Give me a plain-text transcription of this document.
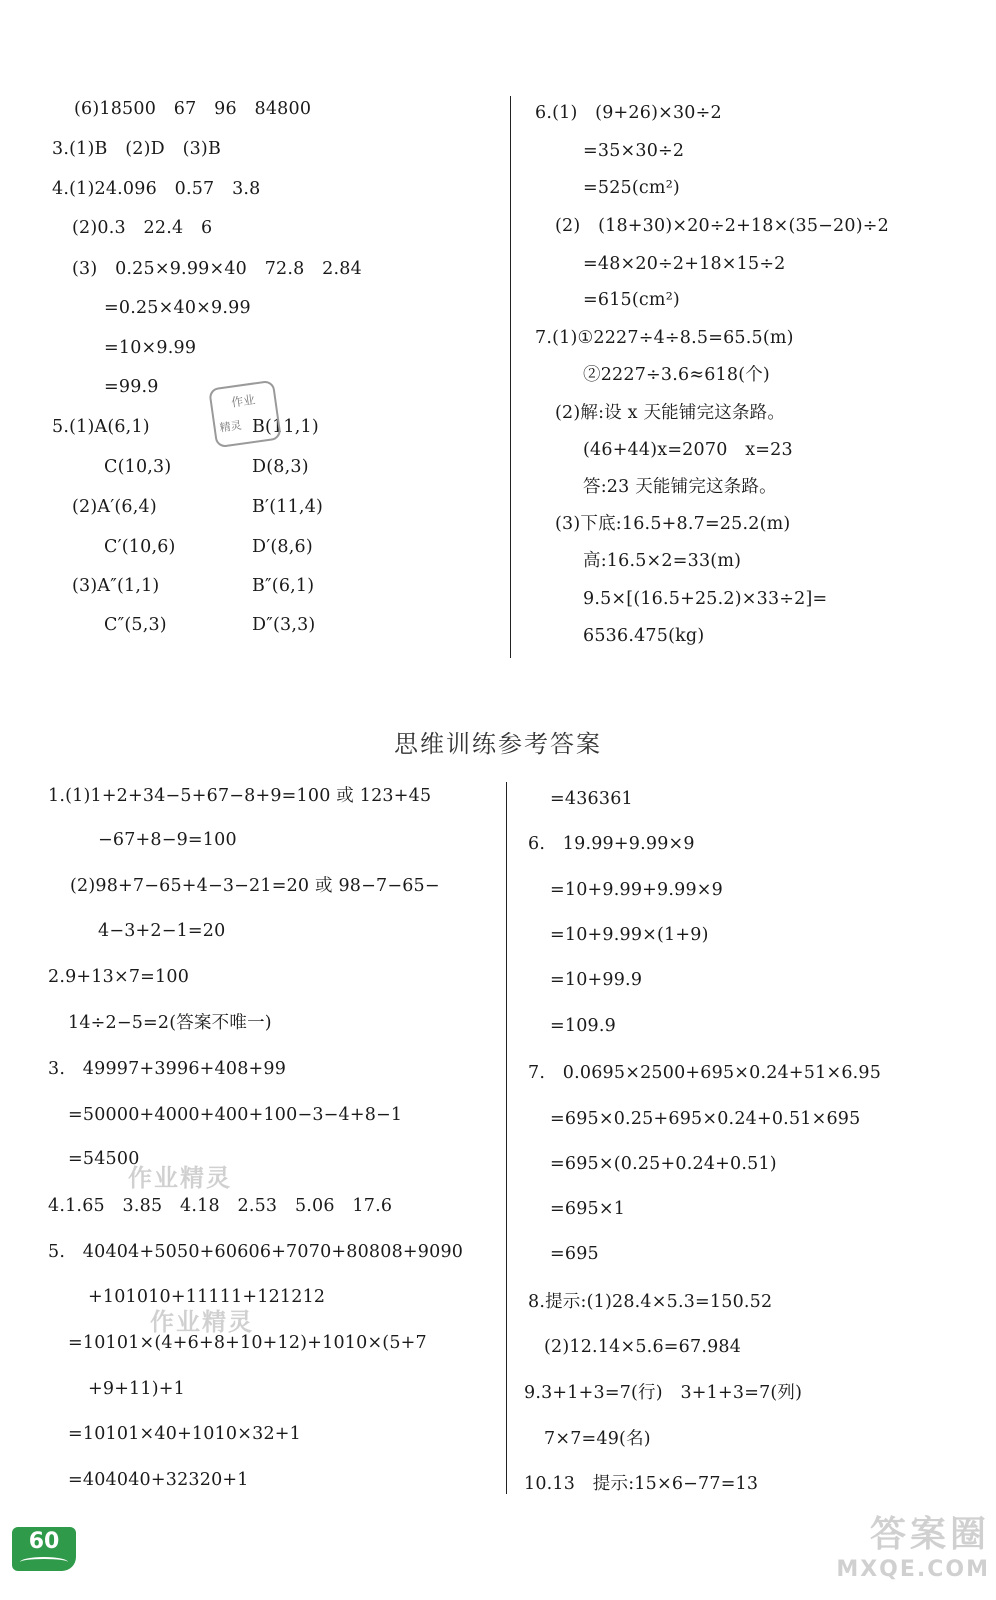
(6)18500　67　96　84800
3.(1)B　(2)D　(3)B
4.(1)24.096　0.57　3.8
(2)0.3　22.4　6
(3)　0.25×9.99×40　72.8　2.84
=0.25×40×9.99
=10×9.99
=99.9
5.(1)A(6,1)	B(11,1)
C(10,3)	D(8,3)
(2)A′(6,4)	B′(11,4)
C′(10,6)	D′(8,6)
(3)A″(1,1)	B″(6,1)
C″(5,3)	D″(3,3)
作业
精灵
6.(1)　(9+26)×30÷2
=35×30÷2
=525(cm²)
(2)　(18+30)×20÷2+18×(35−20)÷2
=48×20÷2+18×15÷2
=615(cm²)
7.(1)①2227÷4÷8.5=65.5(m)
②2227÷3.6≈618(个)
(2)解:设 x 天能铺完这条路。
(46+44)x=2070　x=23
答:23 天能铺完这条路。
(3)下底:16.5+8.7=25.2(m)
高:16.5×2=33(m)
9.5×[(16.5+25.2)×33÷2]=
6536.475(kg)
思维训练参考答案
1.(1)1+2+34−5+67−8+9=100 或 123+45
−67+8−9=100
(2)98+7−65+4−3−21=20 或 98−7−65−
4−3+2−1=20
2.9+13×7=100
14÷2−5=2(答案不唯一)
3.　49997+3996+408+99
=50000+4000+400+100−3−4+8−1
=54500
4.1.65　3.85　4.18　2.53　5.06　17.6
5.　40404+5050+60606+7070+80808+9090
+101010+11111+121212
=10101×(4+6+8+10+12)+1010×(5+7
+9+11)+1
=10101×40+1010×32+1
=404040+32320+1
作业精灵
作业精灵
=436361
6.　19.99+9.99×9
=10+9.99+9.99×9
=10+9.99×(1+9)
=10+99.9
=109.9
7.　0.0695×2500+695×0.24+51×6.95
=695×0.25+695×0.24+0.51×695
=695×(0.25+0.24+0.51)
=695×1
=695
8.提示:(1)28.4×5.3=150.52
(2)12.14×5.6=67.984
9.3+1+3=7(行)　3+1+3=7(列)
7×7=49(名)
10.13　提示:15×6−77=13
60	答案圈
MXQE.COM
